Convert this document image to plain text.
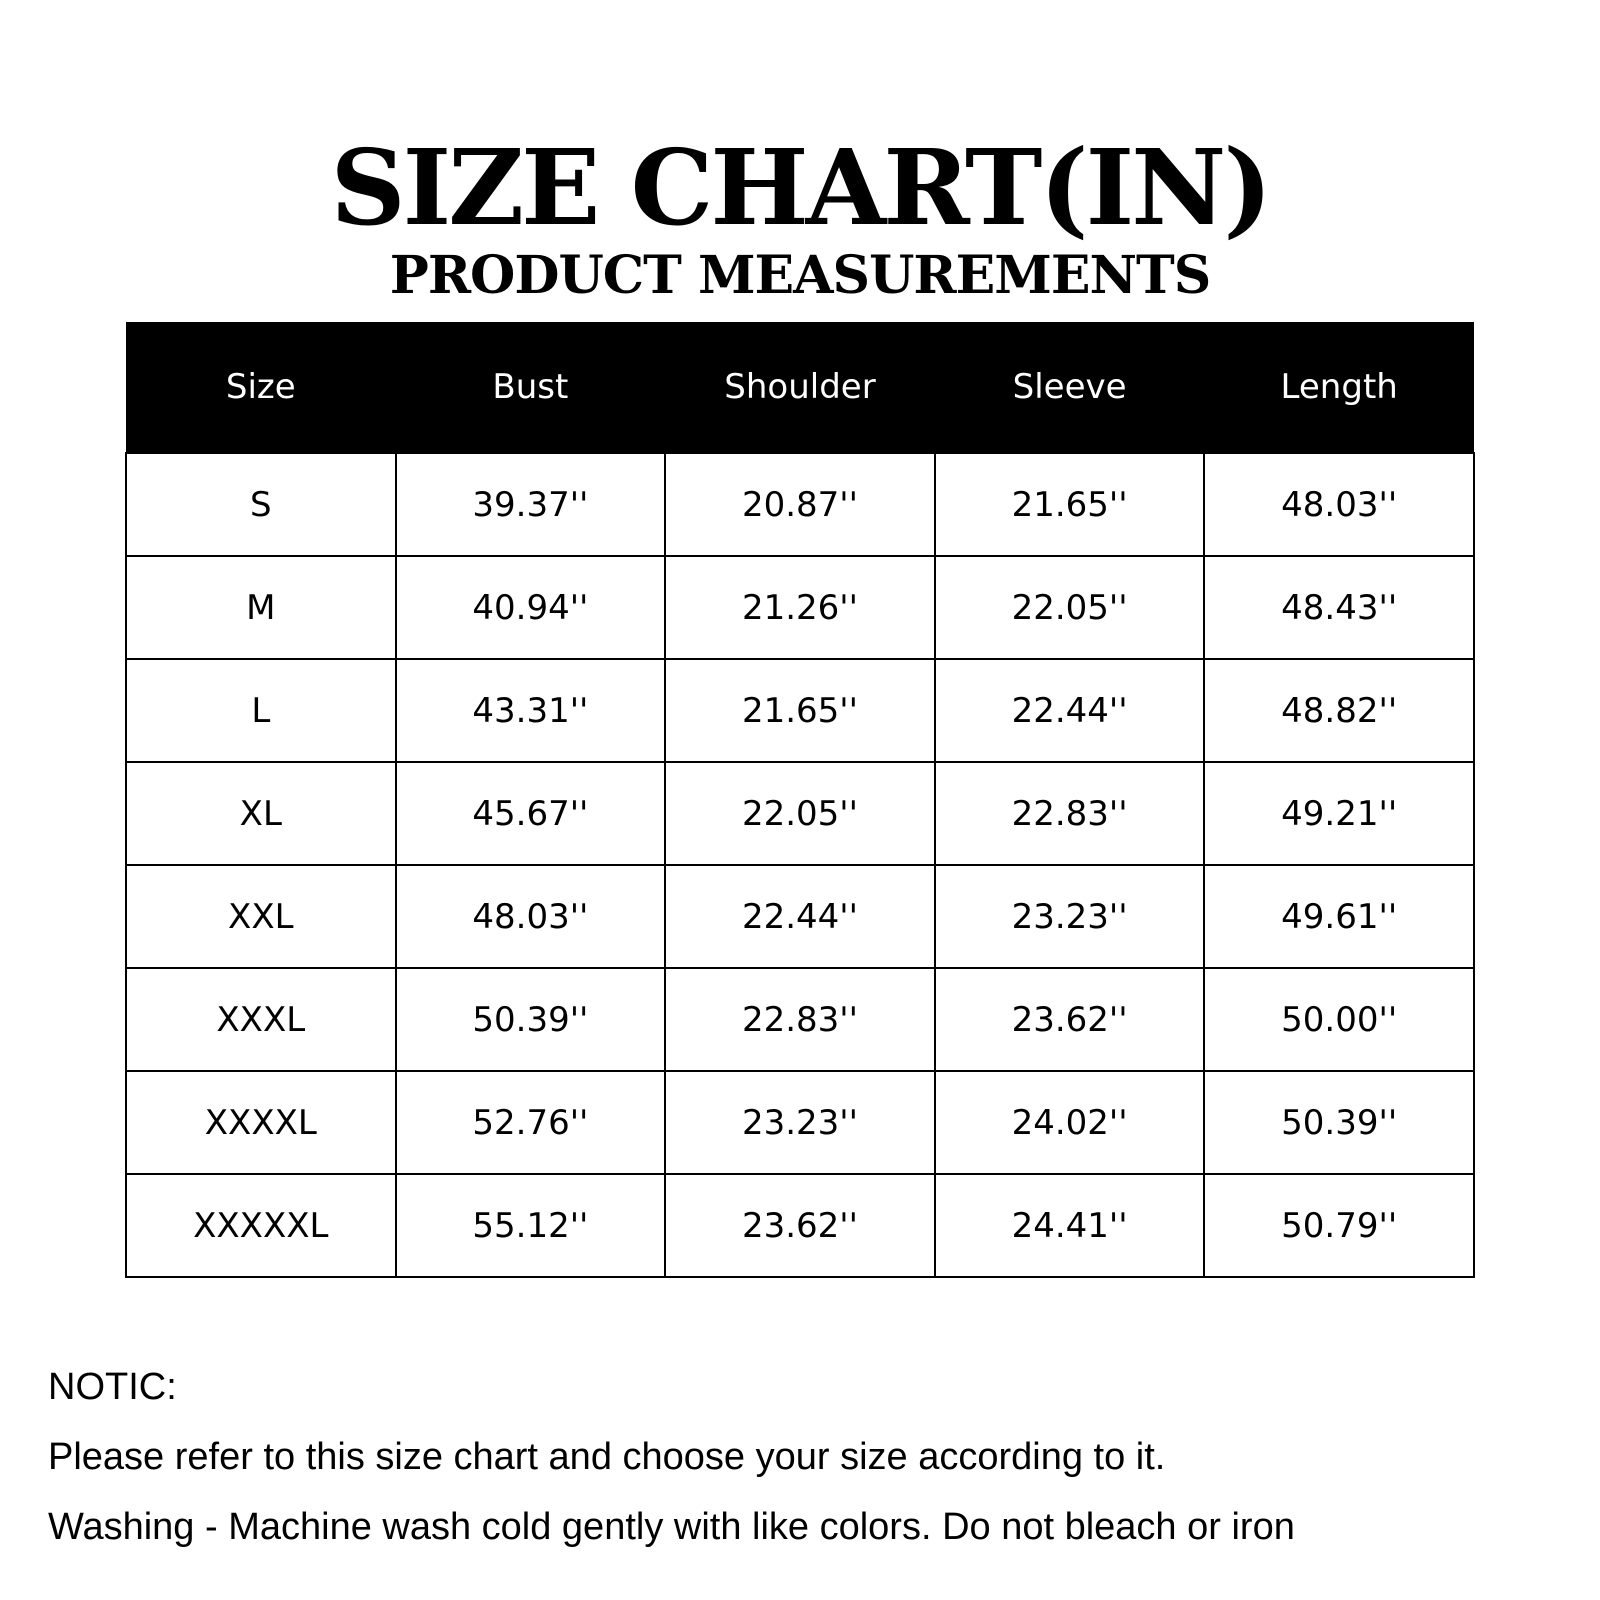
SIZE CHART(IN)
PRODUCT MEASUREMENTS
Size	Bust	Shoulder	Sleeve	Length
S	39.37''	20.87''	21.65''	48.03''
M	40.94''	21.26''	22.05''	48.43''
L	43.31''	21.65''	22.44''	48.82''
XL	45.67''	22.05''	22.83''	49.21''
XXL	48.03''	22.44''	23.23''	49.61''
XXXL	50.39''	22.83''	23.62''	50.00''
XXXXL	52.76''	23.23''	24.02''	50.39''
XXXXXL	55.12''	23.62''	24.41''	50.79''
NOTIC:
Please refer to this size chart and choose your size according to it.
Washing - Machine wash cold gently with like colors. Do not bleach or iron
